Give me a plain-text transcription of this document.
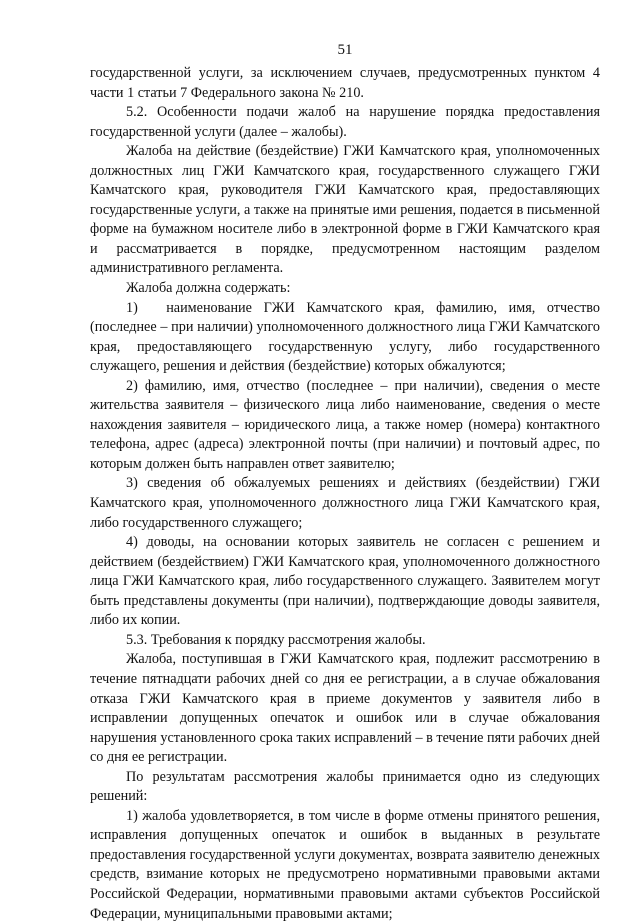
51

государственной услуги, за исключением случаев, предусмотренных пунктом 4 части 1 статьи 7 Федерального закона № 210.

5.2. Особенности подачи жалоб на нарушение порядка предоставления государственной услуги (далее – жалобы).

Жалоба на действие (бездействие) ГЖИ Камчатского края, уполномоченных должностных лиц ГЖИ Камчатского края, государственного служащего ГЖИ Камчатского края, руководителя ГЖИ Камчатского края, предоставляющих государственные услуги, а также на принятые ими решения, подается в письменной форме на бумажном носителе либо в электронной форме в ГЖИ Камчатского края и рассматривается в порядке, предусмотренном настоящим разделом административного регламента.

Жалоба должна содержать:

1)  наименование ГЖИ Камчатского края, фамилию, имя, отчество (последнее – при наличии) уполномоченного должностного лица ГЖИ Камчатского края, предоставляющего государственную услугу, либо государственного служащего, решения и действия (бездействие) которых обжалуются;

2) фамилию, имя, отчество (последнее – при наличии), сведения о месте жительства заявителя – физического лица либо наименование, сведения о месте нахождения заявителя – юридического лица, а также номер (номера) контактного телефона, адрес (адреса) электронной почты (при наличии) и почтовый адрес, по которым должен быть направлен ответ заявителю;

3) сведения об обжалуемых решениях и действиях (бездействии) ГЖИ Камчатского края, уполномоченного должностного лица ГЖИ Камчатского края, либо государственного служащего;

4) доводы, на основании которых заявитель не согласен с решением и действием (бездействием) ГЖИ Камчатского края, уполномоченного должностного лица ГЖИ Камчатского края, либо государственного служащего. Заявителем могут быть представлены документы (при наличии), подтверждающие доводы заявителя, либо их копии.

5.3. Требования к порядку рассмотрения жалобы.

Жалоба, поступившая в ГЖИ Камчатского края, подлежит рассмотрению в течение пятнадцати рабочих дней со дня ее регистрации, а в случае обжалования отказа ГЖИ Камчатского края в приеме документов у заявителя либо в исправлении допущенных опечаток и ошибок или в случае обжалования нарушения установленного срока таких исправлений – в течение пяти рабочих дней со дня ее регистрации.

По результатам рассмотрения жалобы принимается одно из следующих решений:

1) жалоба удовлетворяется, в том числе в форме отмены принятого решения, исправления допущенных опечаток и ошибок в выданных в результате предоставления государственной услуги документах, возврата заявителю денежных средств, взимание которых не предусмотрено нормативными правовыми актами Российской Федерации, нормативными правовыми актами субъектов Российской Федерации, муниципальными правовыми актами;
